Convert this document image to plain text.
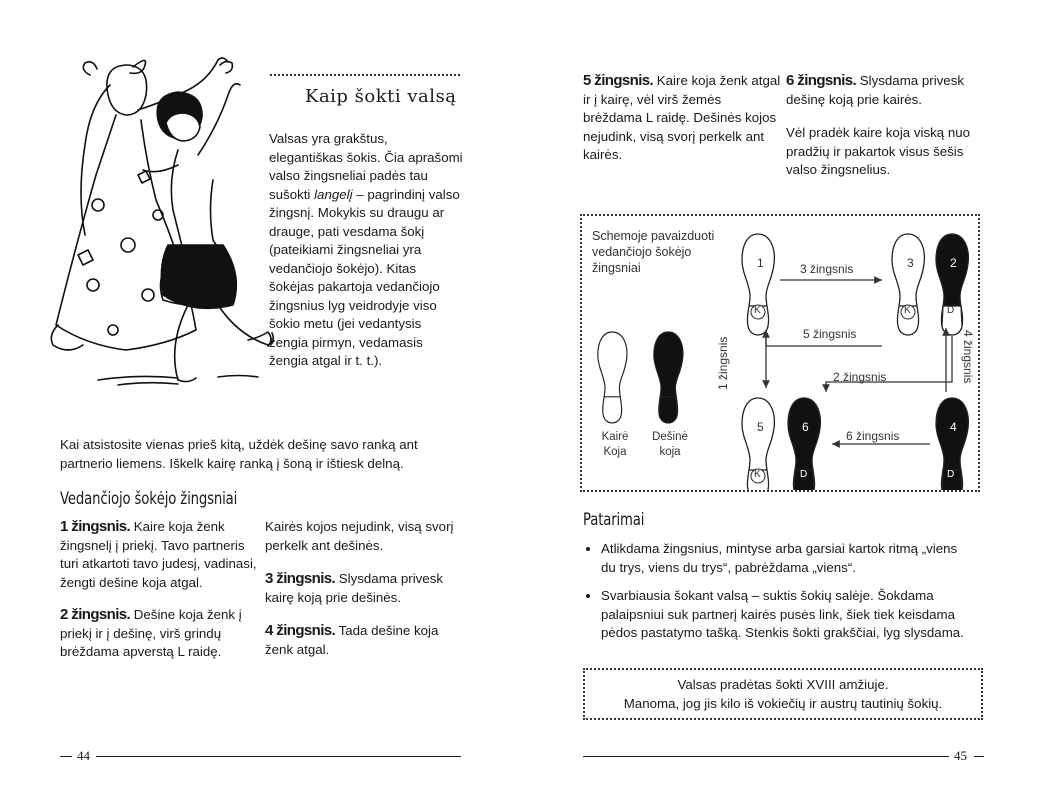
Kaip šokti valsą
Valsas yra grakštus, elegantiškas šokis. Čia aprašomi valso žingsneliai padės tau sušokti langelį – pagrindinį valso žingsnį. Mokykis su draugu ar drauge, pati vesdama šokį (pateikiami žingsneliai yra vedančiojo šokėjo). Kitas šokėjas pakartoja vedančiojo žingsnius lyg veidrodyje viso šokio metu (jei vedantysis žengia pirmyn, vedamasis žengia atgal ir t. t.).
Kai atsistosite vienas prieš kitą, uždėk dešinę savo ranką ant partnerio liemens. Iškelk kairę ranką į šoną ir ištiesk delną.
Vedančiojo šokėjo žingsniai
1 žingsnis. Kaire koja ženk žingsnelį į priekį. Tavo partneris turi atkartoti tavo judesį, vadinasi, žengti dešine koja atgal.
2 žingsnis. Dešine koja ženk į priekį ir į dešinę, virš grindų brėždama apverstą L raidę.
Kairės kojos nejudink, visą svorį perkelk ant dešinės.
3 žingsnis. Slysdama privesk kairę koją prie dešinės.
4 žingsnis. Tada dešine koja ženk atgal.
44
5 žingsnis. Kaire koja ženk atgal ir į kairę, vėl virš žemės brėždama L raidę. Dešinės kojos nejudink, visą svorį perkelk ant kairės.
6 žingsnis. Slysdama privesk dešinę koją prie kairės.
Vėl pradėk kaire koja viską nuo pradžių ir pakartok visus šešis valso žingsnelius.
Schemoje pavaizduoti vedančiojo šokėjo žingsniai	1	3	2
5	6	4
K	K	D
K	D	D
3 žingsnis
5 žingsnis
2 žingsnis
6 žingsnis
1 žingsnis	4 žingsnis
Kairė Koja
Dešinė koja
Patarimai
• Atlikdama žingsnius, mintyse arba garsiai kartok ritmą „viens du trys, viens du trys“, pabrėždama „viens“.
• Svarbiausia šokant valsą – suktis šokių salėje. Šokdama palaipsniui suk partnerį kairės pusės link, šiek tiek keisdama pėdos pastatymo tašką. Stenkis šokti grakščiai, lyg slysdama.
Valsas pradėtas šokti XVIII amžiuje.
Manoma, jog jis kilo iš vokiečių ir austrų tautinių šokių.
45
